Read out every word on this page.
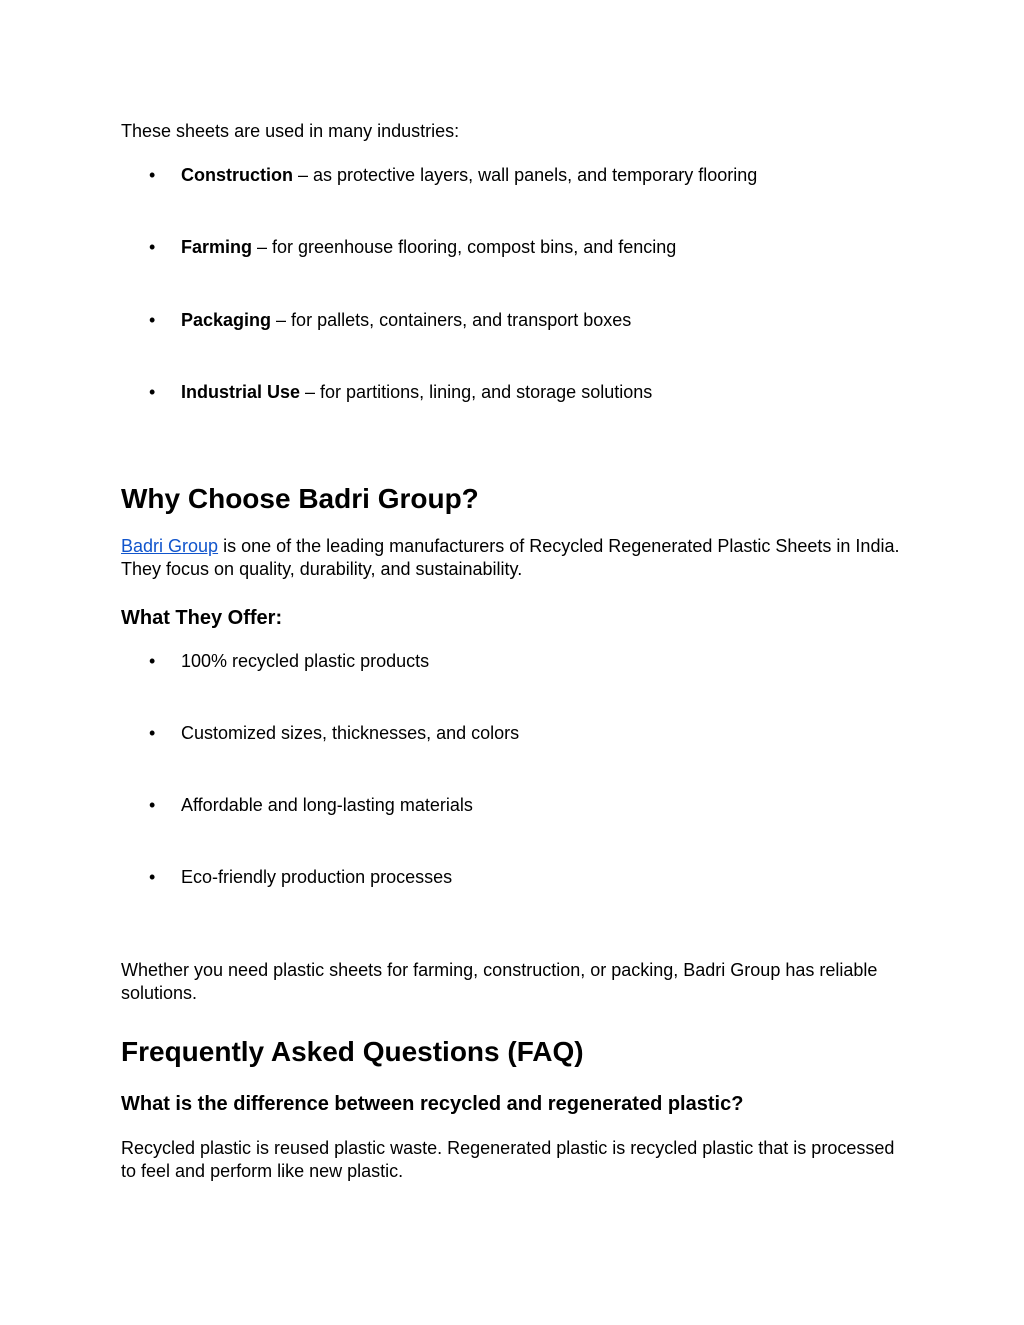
These sheets are used in many industries:

•	Construction – as protective layers, wall panels, and temporary flooring
•	Farming – for greenhouse flooring, compost bins, and fencing
•	Packaging – for pallets, containers, and transport boxes
•	Industrial Use – for partitions, lining, and storage solutions
Why Choose Badri Group?

Badri Group is one of the leading manufacturers of Recycled Regenerated Plastic Sheets in India. They focus on quality, durability, and sustainability.

What They Offer:
•	100% recycled plastic products
•	Customized sizes, thicknesses, and colors
•	Affordable and long-lasting materials
•	Eco-friendly production processes

Whether you need plastic sheets for farming, construction, or packing, Badri Group has reliable solutions.

Frequently Asked Questions (FAQ)
What is the difference between recycled and regenerated plastic?

Recycled plastic is reused plastic waste. Regenerated plastic is recycled plastic that is processed to feel and perform like new plastic.
